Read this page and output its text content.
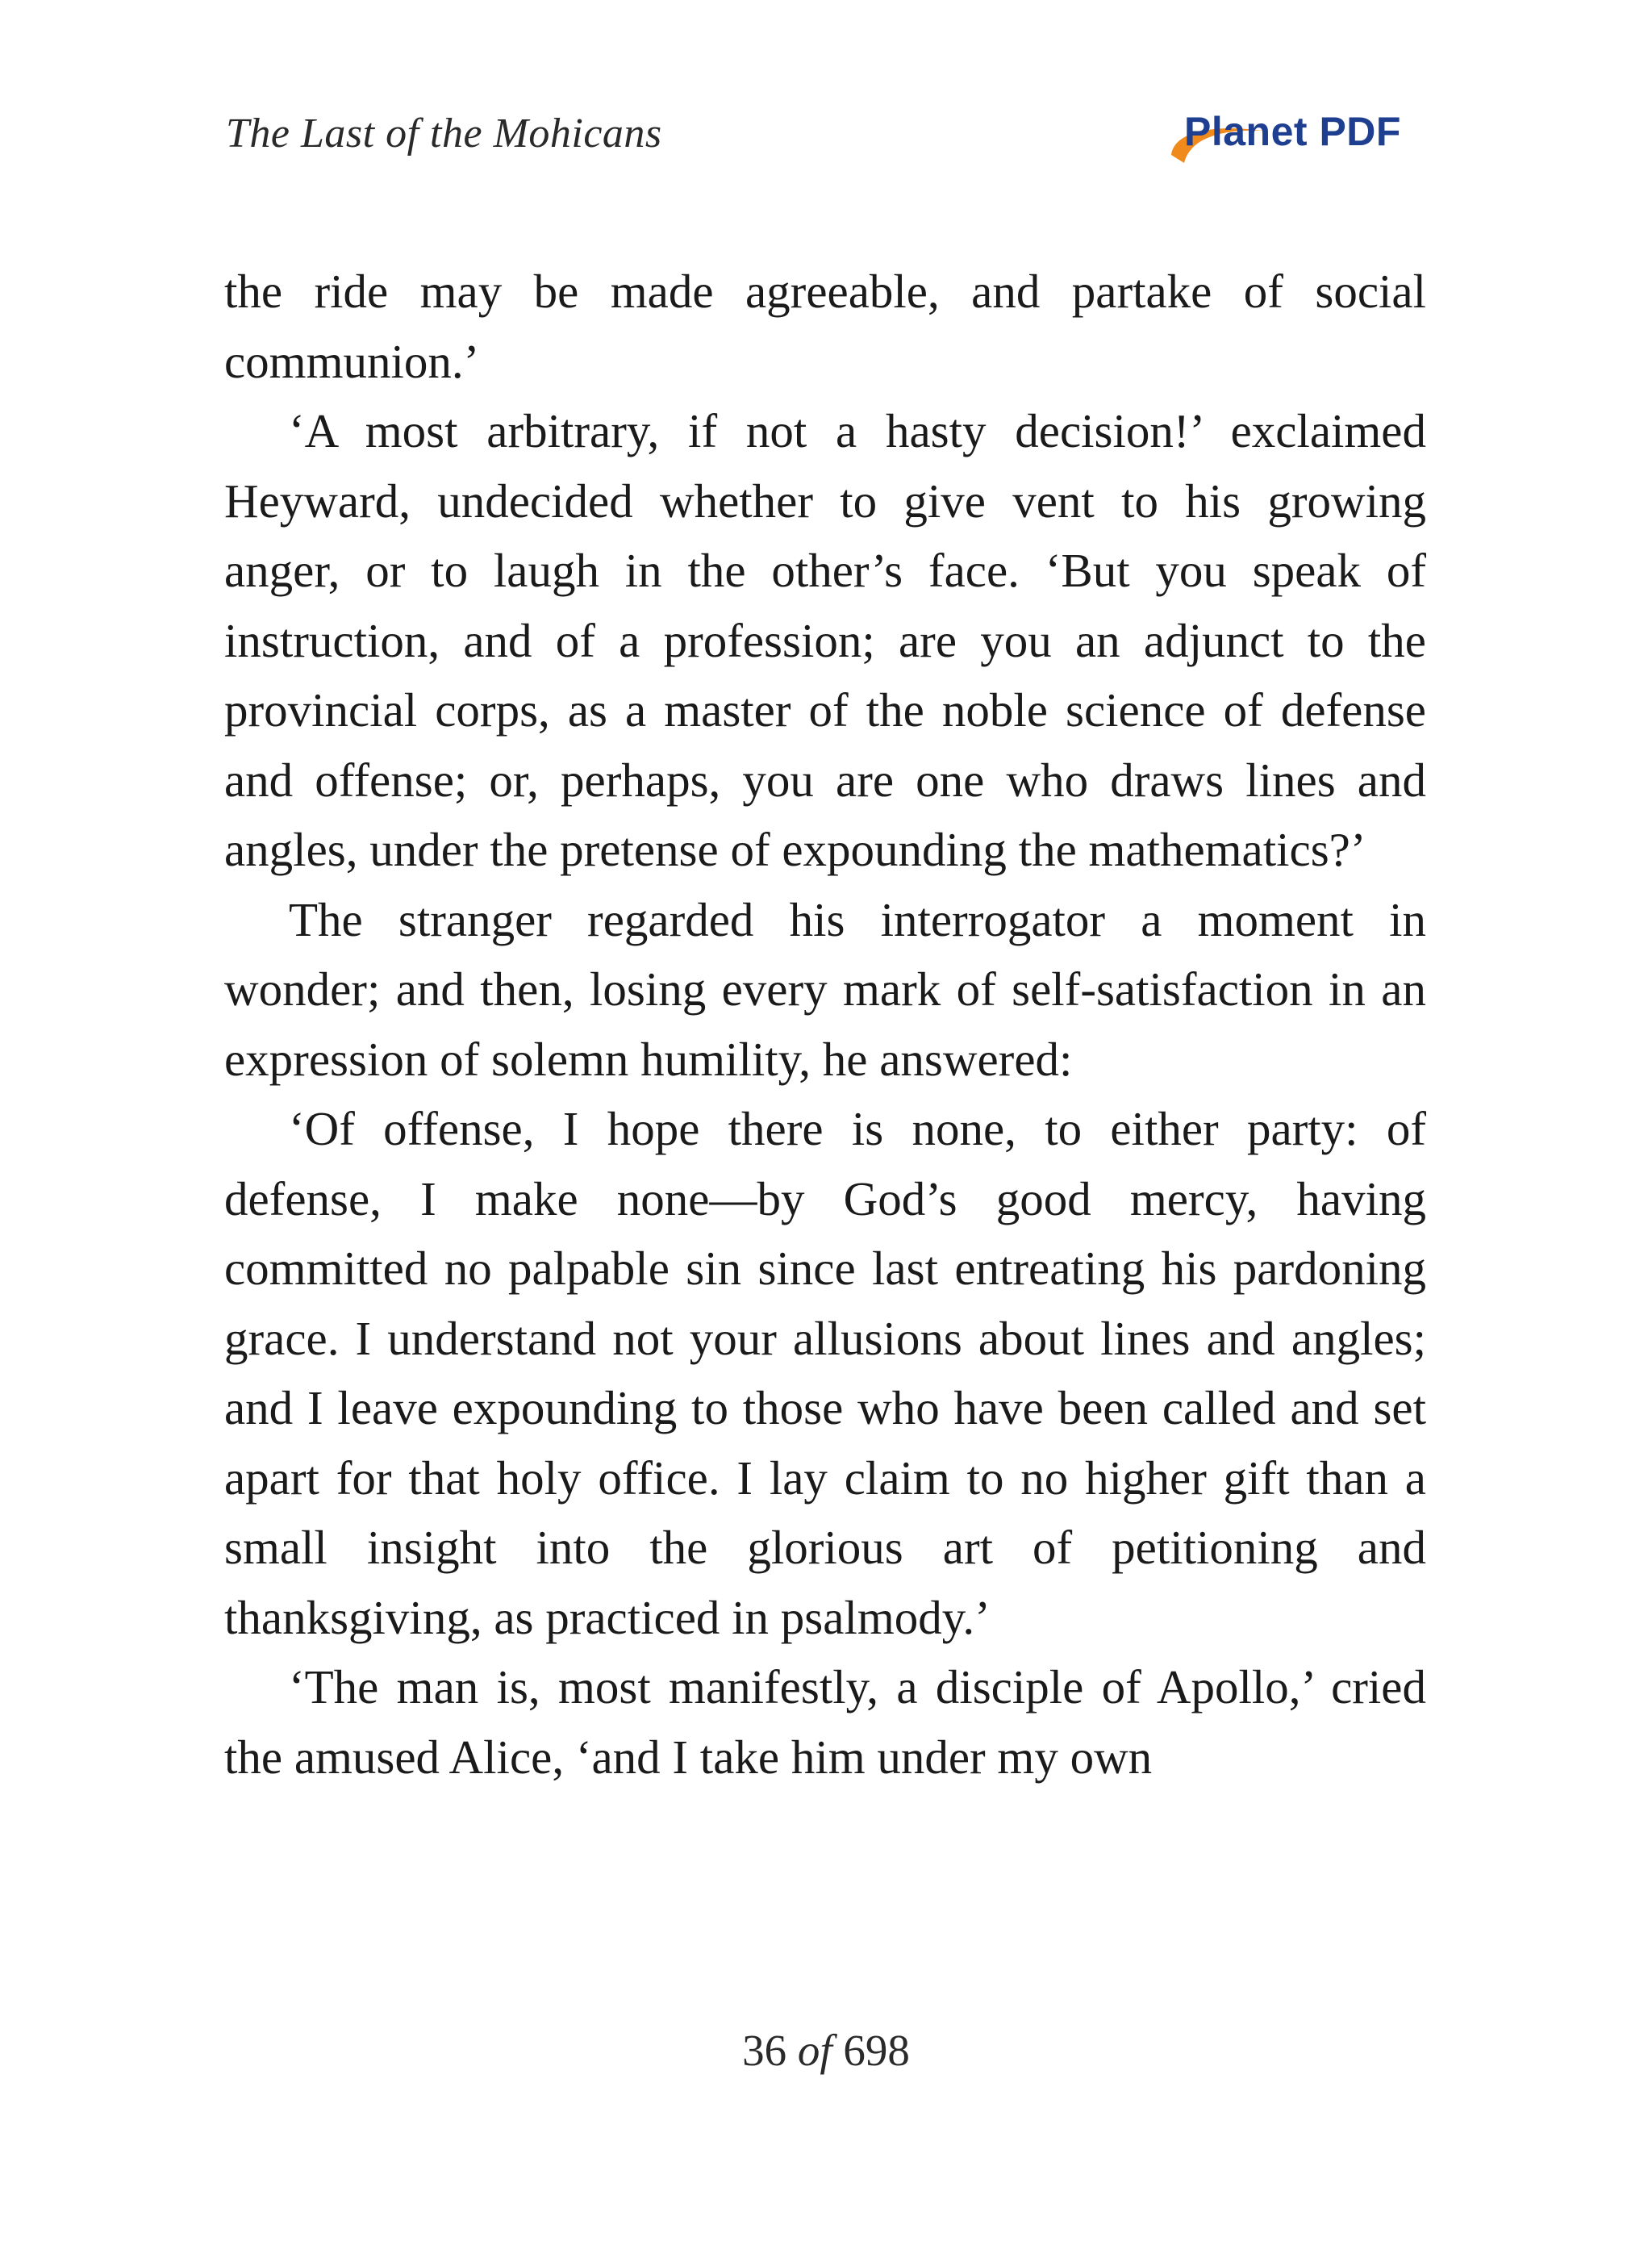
The Last of the Mohicans	Planet PDF

the ride may be made agreeable, and partake of social communion.’

‘A most arbitrary, if not a hasty decision!’ exclaimed Heyward, undecided whether to give vent to his growing anger, or to laugh in the other’s face. ‘But you speak of instruction, and of a profession; are you an adjunct to the provincial corps, as a master of the noble science of defense and offense; or, perhaps, you are one who draws lines and angles, under the pretense of expounding the mathematics?’

The stranger regarded his interrogator a moment in wonder; and then, losing every mark of self-satisfaction in an expression of solemn humility, he answered:

‘Of offense, I hope there is none, to either party: of defense, I make none—by God’s good mercy, having committed no palpable sin since last entreating his pardoning grace. I understand not your allusions about lines and angles; and I leave expounding to those who have been called and set apart for that holy office. I lay claim to no higher gift than a small insight into the glorious art of petitioning and thanksgiving, as practiced in psalmody.’

‘The man is, most manifestly, a disciple of Apollo,’ cried the amused Alice, ‘and I take him under my own

36 of 698
